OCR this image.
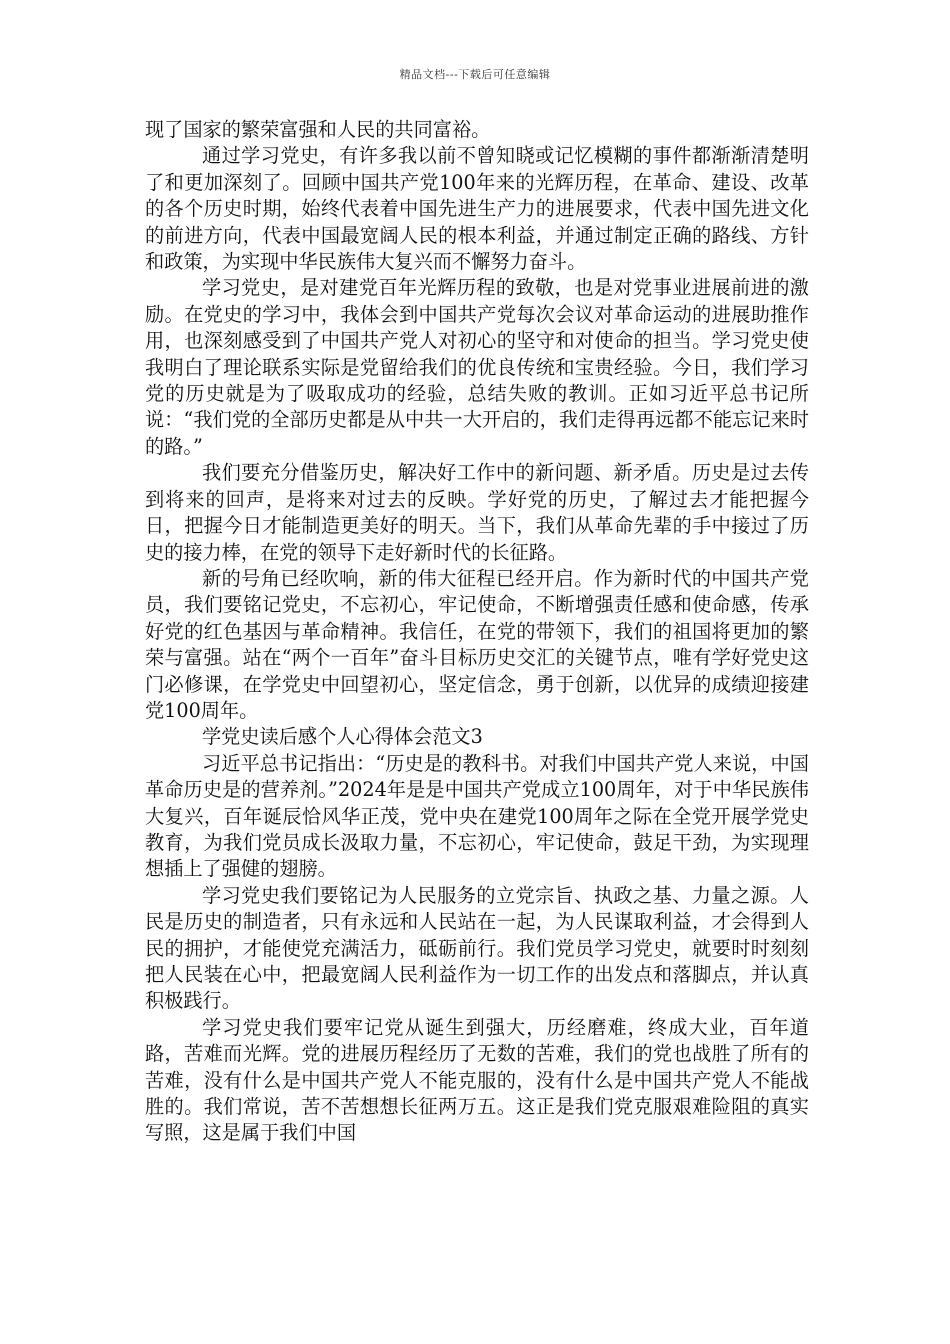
精品文档---下载后可任意编辑

现了国家的繁荣富强和人民的共同富裕。

通过学习党史，有许多我以前不曾知晓或记忆模糊的事件都渐渐清楚明了和更加深刻了。回顾中国共产党100年来的光辉历程，在革命、建设、改革的各个历史时期，始终代表着中国先进生产力的进展要求，代表中国先进文化的前进方向，代表中国最宽阔人民的根本利益，并通过制定正确的路线、方针和政策，为实现中华民族伟大复兴而不懈努力奋斗。

学习党史，是对建党百年光辉历程的致敬，也是对党事业进展前进的激励。在党史的学习中，我体会到中国共产党每次会议对革命运动的进展助推作用，也深刻感受到了中国共产党人对初心的坚守和对使命的担当。学习党史使我明白了理论联系实际是党留给我们的优良传统和宝贵经验。今日，我们学习党的历史就是为了吸取成功的经验，总结失败的教训。正如习近平总书记所说：“我们党的全部历史都是从中共一大开启的，我们走得再远都不能忘记来时的路。”

我们要充分借鉴历史，解决好工作中的新问题、新矛盾。历史是过去传到将来的回声，是将来对过去的反映。学好党的历史，了解过去才能把握今日，把握今日才能制造更美好的明天。当下，我们从革命先辈的手中接过了历史的接力棒，在党的领导下走好新时代的长征路。

新的号角已经吹响，新的伟大征程已经开启。作为新时代的中国共产党员，我们要铭记党史，不忘初心，牢记使命，不断增强责任感和使命感，传承好党的红色基因与革命精神。我信任，在党的带领下，我们的祖国将更加的繁荣与富强。站在“两个一百年”奋斗目标历史交汇的关键节点，唯有学好党史这门必修课，在学党史中回望初心，坚定信念，勇于创新，以优异的成绩迎接建党100周年。

学党史读后感个人心得体会范文3

习近平总书记指出：“历史是的教科书。对我们中国共产党人来说，中国革命历史是的营养剂。”2024年是是中国共产党成立100周年，对于中华民族伟大复兴，百年诞辰恰风华正茂，党中央在建党100周年之际在全党开展学党史教育，为我们党员成长汲取力量，不忘初心，牢记使命，鼓足干劲，为实现理想插上了强健的翅膀。

学习党史我们要铭记为人民服务的立党宗旨、执政之基、力量之源。人民是历史的制造者，只有永远和人民站在一起，为人民谋取利益，才会得到人民的拥护，才能使党充满活力，砥砺前行。我们党员学习党史，就要时时刻刻把人民装在心中，把最宽阔人民利益作为一切工作的出发点和落脚点，并认真积极践行。

学习党史我们要牢记党从诞生到强大，历经磨难，终成大业，百年道路，苦难而光辉。党的进展历程经历了无数的苦难，我们的党也战胜了所有的苦难，没有什么是中国共产党人不能克服的，没有什么是中国共产党人不能战胜的。我们常说，苦不苦想想长征两万五。这正是我们党克服艰难险阻的真实写照，这是属于我们中国
